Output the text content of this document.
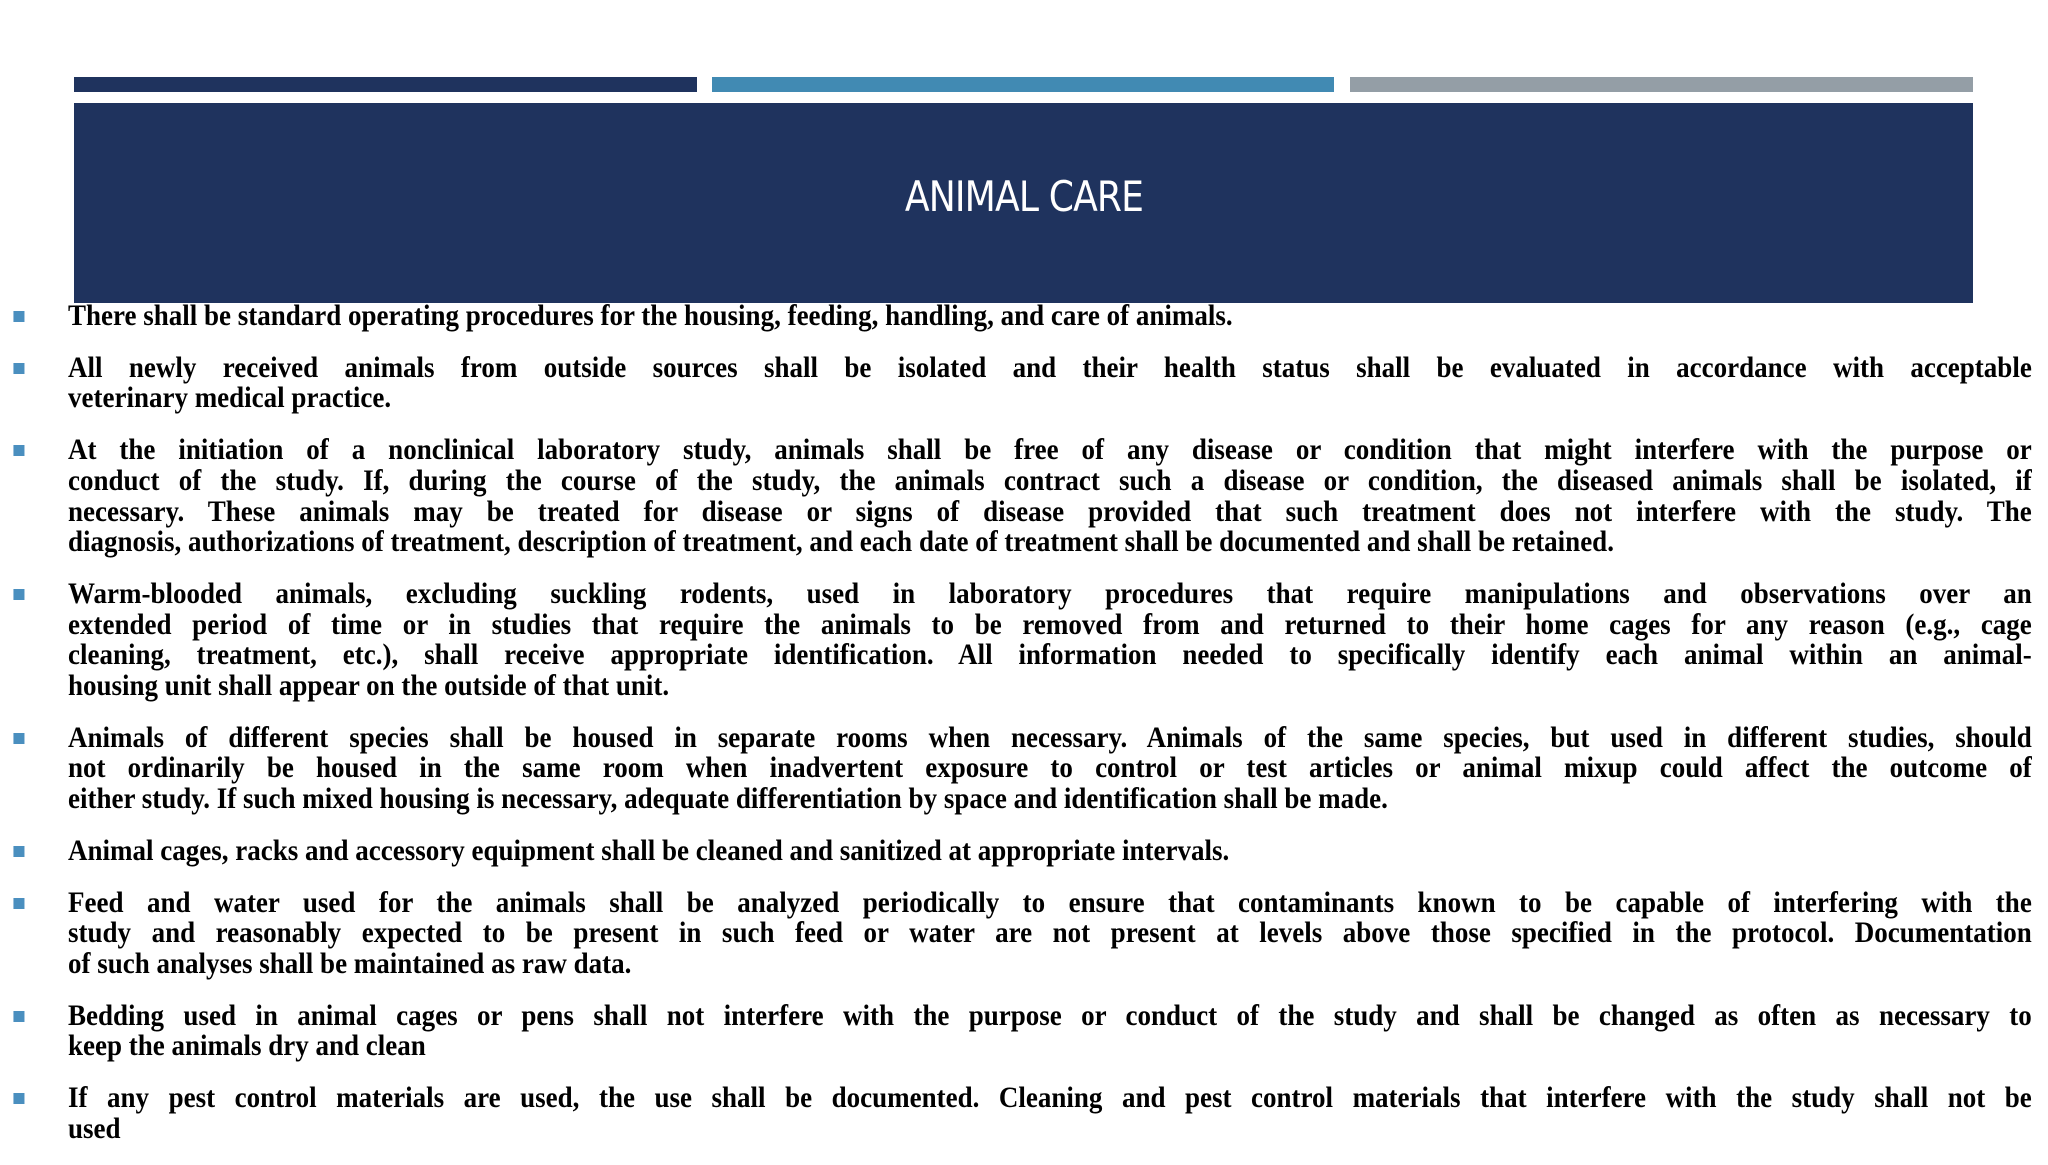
ANIMAL CARE
There shall be standard operating procedures for the housing, feeding, handling, and care of animals.
All newly received animals from outside sources shall be isolated and their health status shall be evaluated in accordance with acceptable
veterinary medical practice.
At the initiation of a nonclinical laboratory study, animals shall be free of any disease or condition that might interfere with the purpose or
conduct of the study. If, during the course of the study, the animals contract such a disease or condition, the diseased animals shall be isolated, if
necessary. These animals may be treated for disease or signs of disease provided that such treatment does not interfere with the study. The
diagnosis, authorizations of treatment, description of treatment, and each date of treatment shall be documented and shall be retained.
Warm-blooded animals, excluding suckling rodents, used in laboratory procedures that require manipulations and observations over an
extended period of time or in studies that require the animals to be removed from and returned to their home cages for any reason (e.g., cage
cleaning, treatment, etc.), shall receive appropriate identification. All information needed to specifically identify each animal within an animal-
housing unit shall appear on the outside of that unit.
Animals of different species shall be housed in separate rooms when necessary. Animals of the same species, but used in different studies, should
not ordinarily be housed in the same room when inadvertent exposure to control or test articles or animal mixup could affect the outcome of
either study. If such mixed housing is necessary, adequate differentiation by space and identification shall be made.
Animal cages, racks and accessory equipment shall be cleaned and sanitized at appropriate intervals.
Feed and water used for the animals shall be analyzed periodically to ensure that contaminants known to be capable of interfering with the
study and reasonably expected to be present in such feed or water are not present at levels above those specified in the protocol. Documentation
of such analyses shall be maintained as raw data.
Bedding used in animal cages or pens shall not interfere with the purpose or conduct of the study and shall be changed as often as necessary to
keep the animals dry and clean
If any pest control materials are used, the use shall be documented. Cleaning and pest control materials that interfere with the study shall not be
used
